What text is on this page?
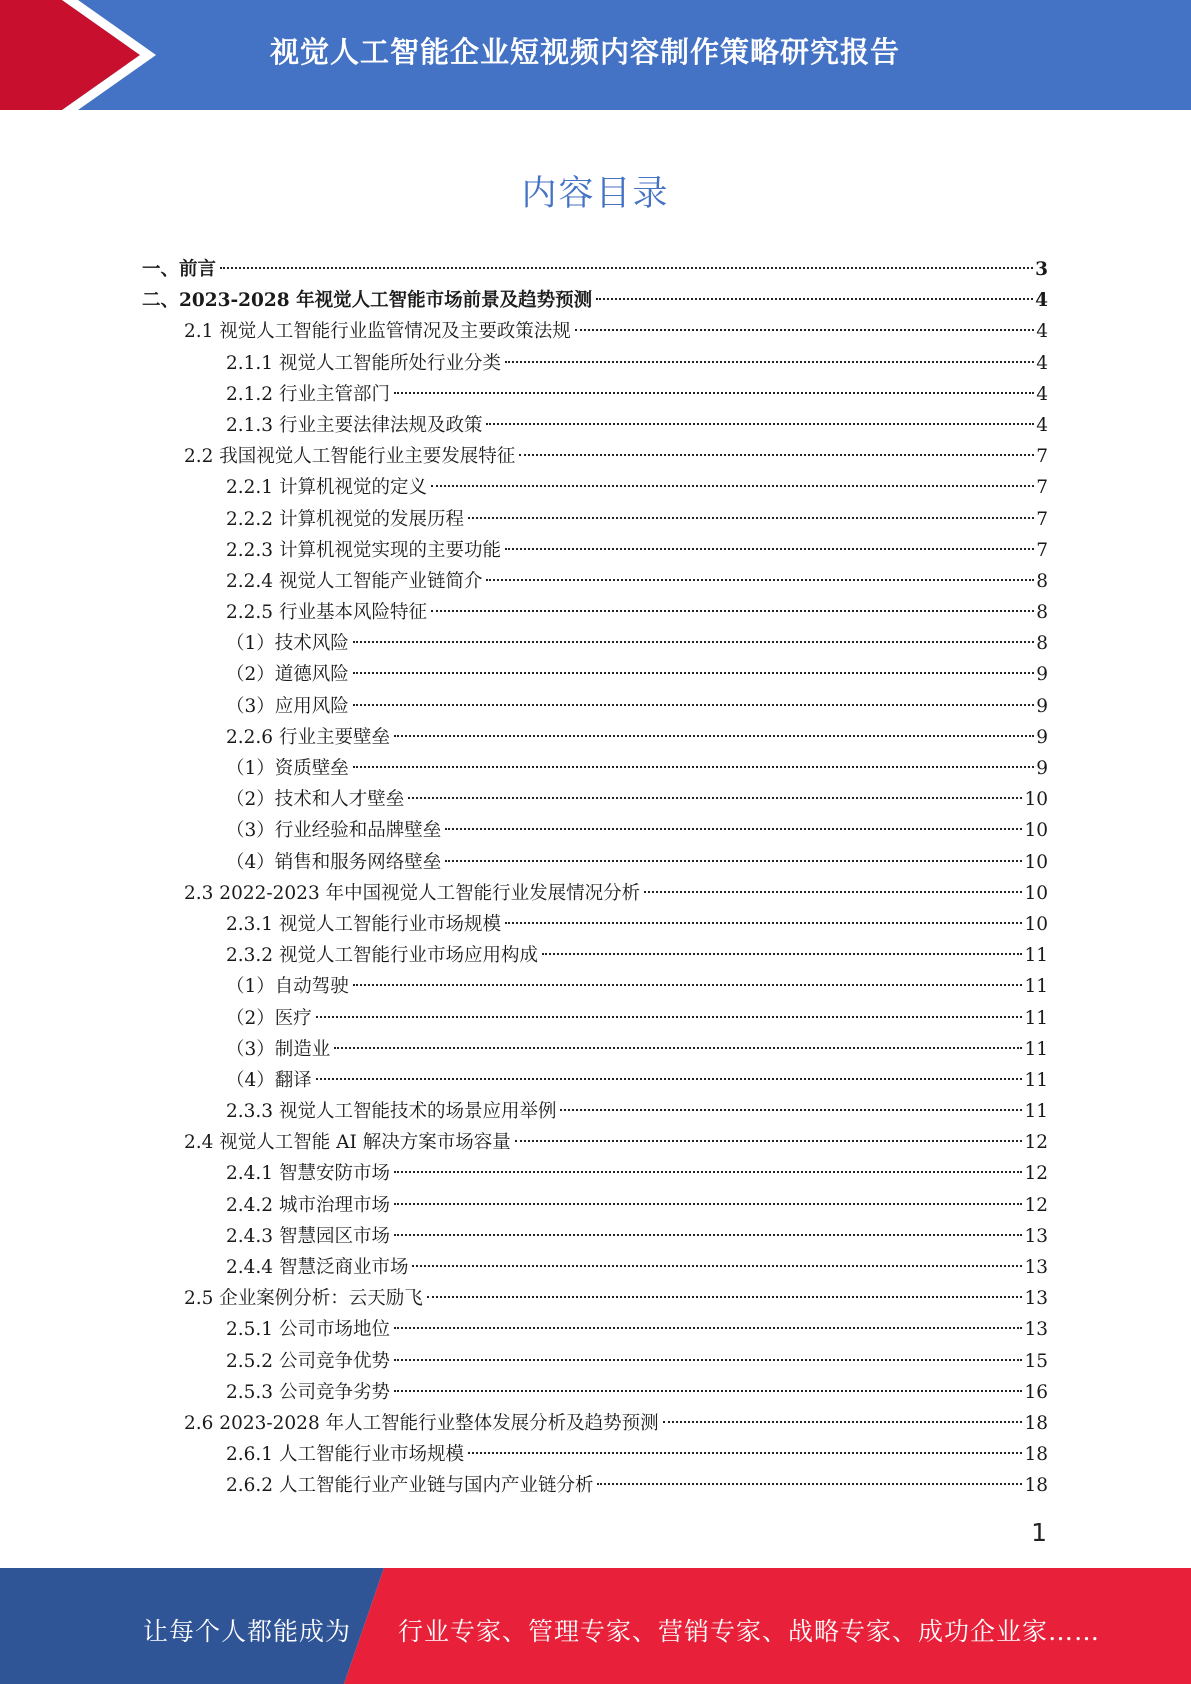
视觉人工智能企业短视频内容制作策略研究报告
内容目录
一、前言	3
二、2023-2028 年视觉人工智能市场前景及趋势预测	4
2.1 视觉人工智能行业监管情况及主要政策法规	4
2.1.1 视觉人工智能所处行业分类	4
2.1.2 行业主管部门	4
2.1.3 行业主要法律法规及政策	4
2.2 我国视觉人工智能行业主要发展特征	7
2.2.1 计算机视觉的定义	7
2.2.2 计算机视觉的发展历程	7
2.2.3 计算机视觉实现的主要功能	7
2.2.4 视觉人工智能产业链简介	8
2.2.5 行业基本风险特征	8
（1）技术风险	8
（2）道德风险	9
（3）应用风险	9
2.2.6 行业主要壁垒	9
（1）资质壁垒	9
（2）技术和人才壁垒	10
（3）行业经验和品牌壁垒	10
（4）销售和服务网络壁垒	10
2.3 2022-2023 年中国视觉人工智能行业发展情况分析	10
2.3.1 视觉人工智能行业市场规模	10
2.3.2 视觉人工智能行业市场应用构成	11
（1）自动驾驶	11
（2）医疗	11
（3）制造业	11
（4）翻译	11
2.3.3 视觉人工智能技术的场景应用举例	11
2.4 视觉人工智能 AI 解决方案市场容量	12
2.4.1 智慧安防市场	12
2.4.2 城市治理市场	12
2.4.3 智慧园区市场	13
2.4.4 智慧泛商业市场	13
2.5 企业案例分析：云天励飞	13
2.5.1 公司市场地位	13
2.5.2 公司竞争优势	15
2.5.3 公司竞争劣势	16
2.6 2023-2028 年人工智能行业整体发展分析及趋势预测	18
2.6.1 人工智能行业市场规模	18
2.6.2 人工智能行业产业链与国内产业链分析	18
1
让每个人都能成为 行业专家、管理专家、营销专家、战略专家、成功企业家……
